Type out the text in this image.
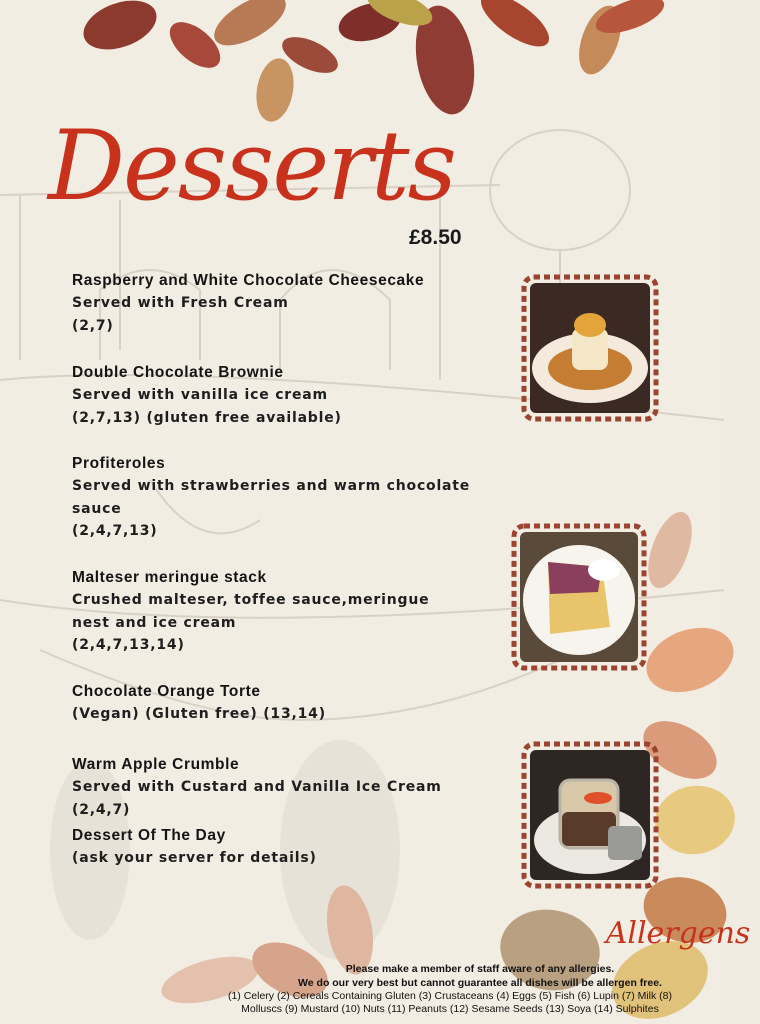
Desserts
£8.50
Raspberry and White Chocolate Cheesecake
Served with Fresh Cream
(2,7)
Double Chocolate Brownie
Served with vanilla ice cream
(2,7,13) (gluten free available)
Profiteroles
Served with strawberries and warm chocolate
sauce
(2,4,7,13)
Malteser meringue stack
Crushed malteser, toffee sauce,meringue
nest and ice cream
(2,4,7,13,14)
Chocolate Orange Torte
(Vegan) (Gluten free) (13,14)
Warm Apple Crumble
Served with Custard and Vanilla Ice Cream
(2,4,7)
Dessert Of The Day
(ask your server for details)
Allergens
Please make a member of staff aware of any allergies.
We do our very best but cannot guarantee all dishes will be allergen free.
(1) Celery (2) Cereals Containing Gluten (3) Crustaceans (4) Eggs (5) Fish (6) Lupin (7) Milk (8)
Molluscs (9) Mustard (10) Nuts (11) Peanuts (12) Sesame Seeds (13) Soya (14) Sulphites
